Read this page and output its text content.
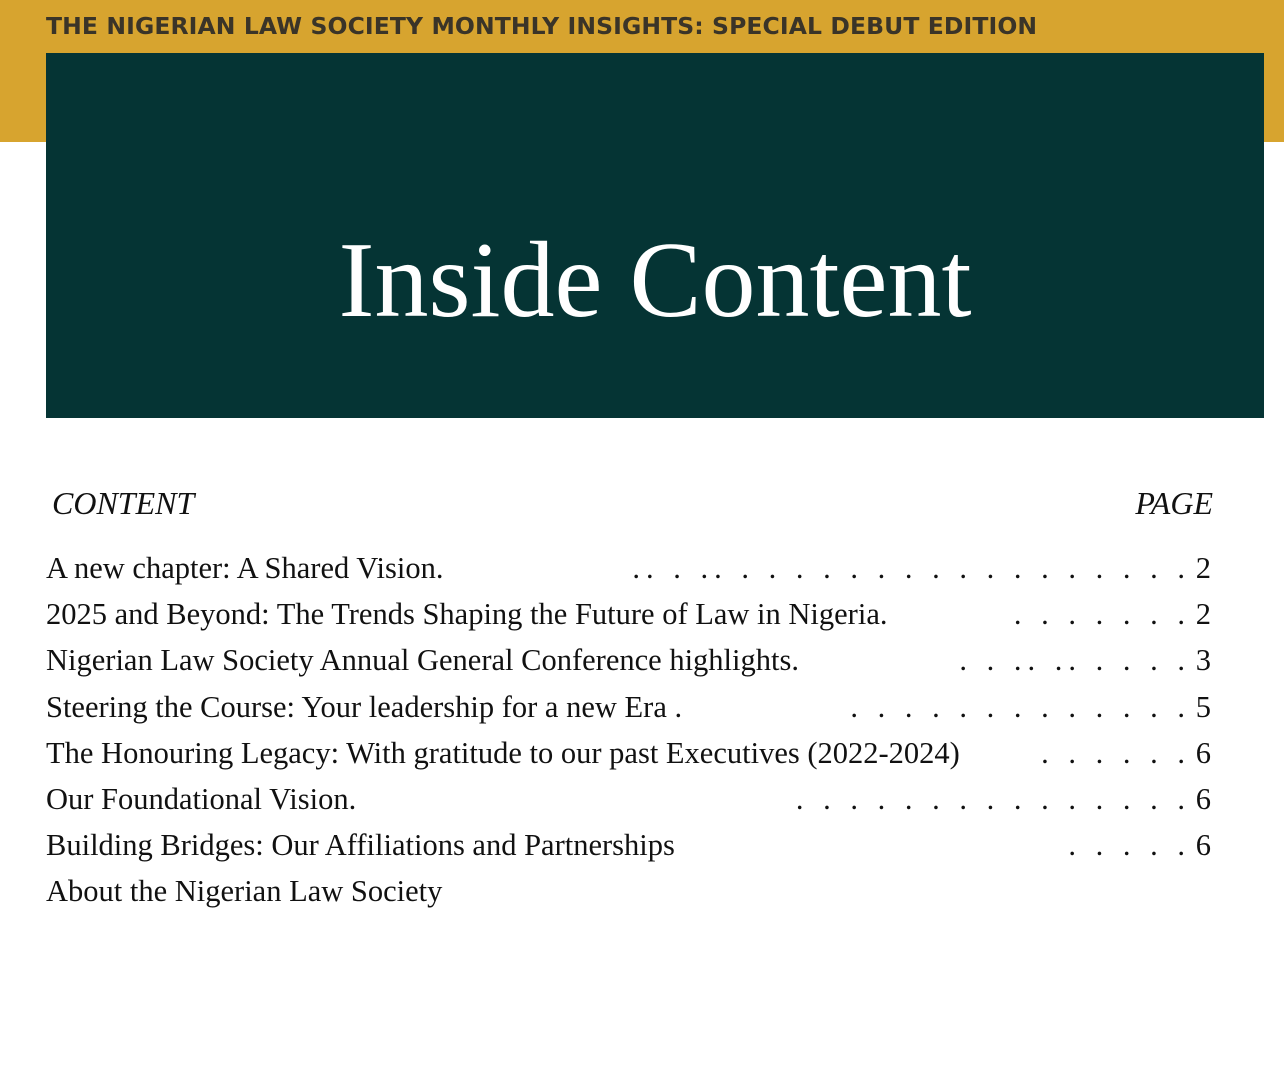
THE NIGERIAN LAW SOCIETY MONTHLY INSIGHTS: SPECIAL DEBUT EDITION
Inside Content
CONTENT	PAGE
A new chapter: A Shared Vision.	.. . .. . . . . . . . . . . . . . . . . . 2
2025 and Beyond: The Trends Shaping the Future of Law in Nigeria.	. . . . . . . 2
Nigerian Law Society Annual General Conference highlights.	. . .. .. . . . . 3
Steering the Course: Your leadership for a new Era .	. . . . . . . . . . . . . 5
The Honouring Legacy: With gratitude to our past Executives (2022-2024)	. . . . . . 6
Our Foundational Vision.	. . . . . . . . . . . . . . . 6
Building Bridges: Our Affiliations and Partnerships	. . . . . 6
About the Nigerian Law Society
